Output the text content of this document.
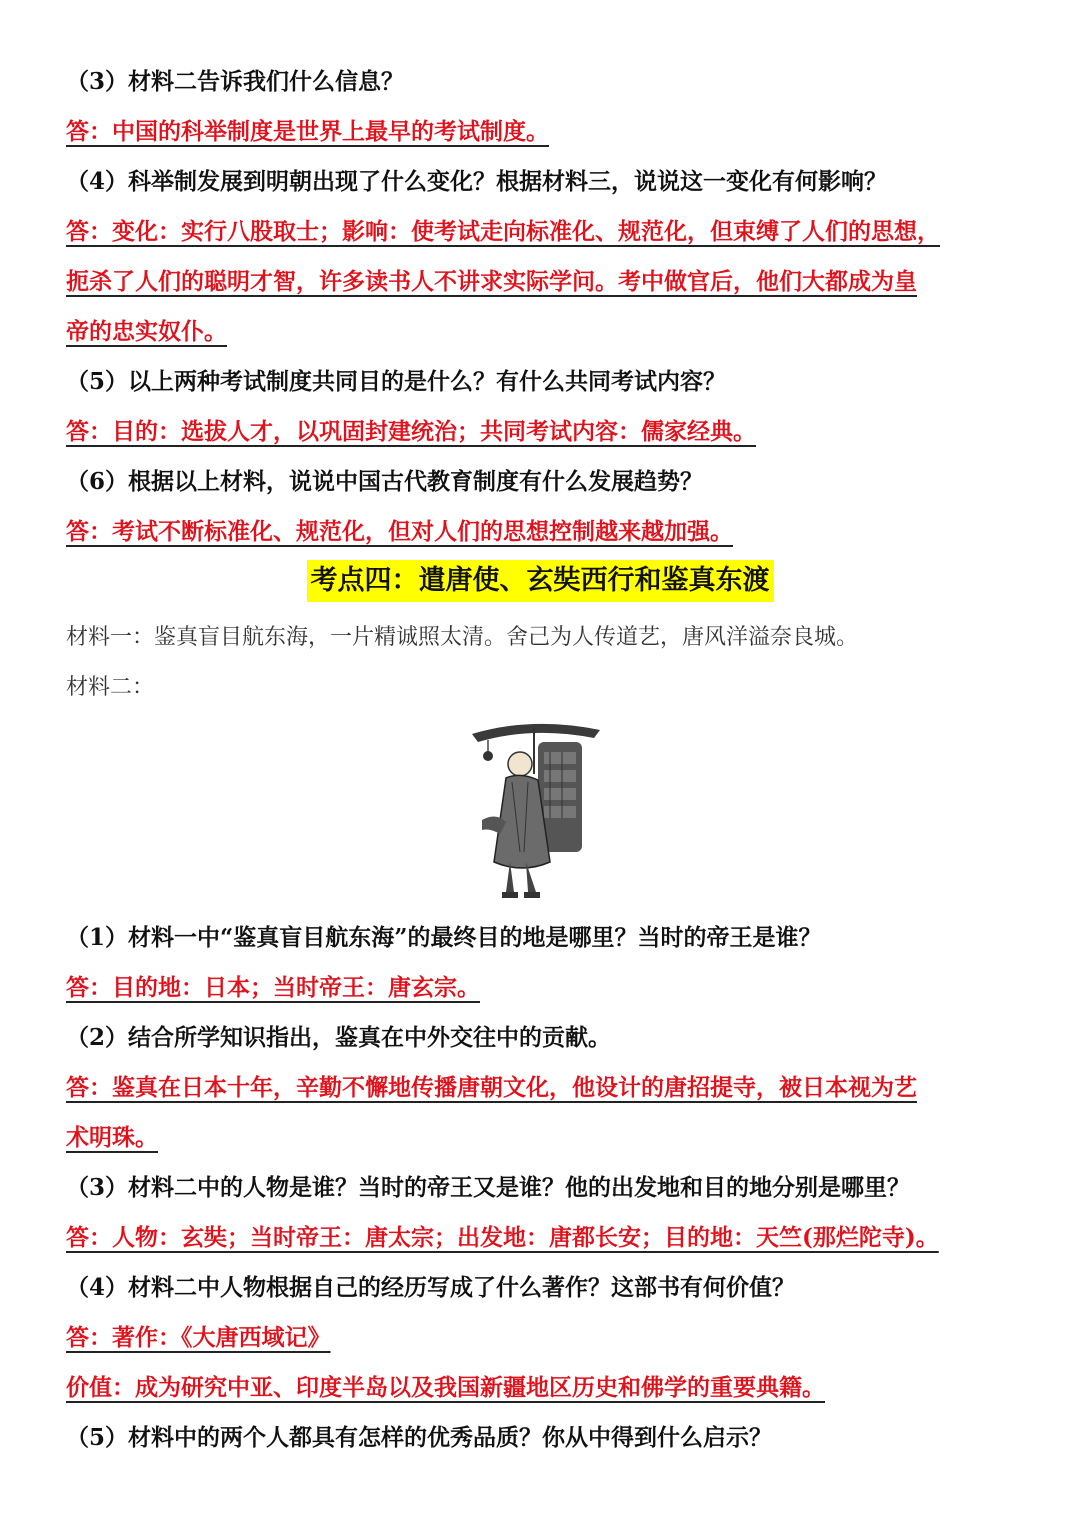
（3）材料二告诉我们什么信息？
答：中国的科举制度是世界上最早的考试制度。
（4）科举制发展到明朝出现了什么变化？根据材料三，说说这一变化有何影响？
答：变化：实行八股取士；影响：使考试走向标准化、规范化，但束缚了人们的思想，
扼杀了人们的聪明才智，许多读书人不讲求实际学问。考中做官后，他们大都成为皇
帝的忠实奴仆。
（5）以上两种考试制度共同目的是什么？有什么共同考试内容？
答：目的：选拔人才，以巩固封建统治；共同考试内容：儒家经典。
（6）根据以上材料，说说中国古代教育制度有什么发展趋势？
答：考试不断标准化、规范化，但对人们的思想控制越来越加强。
考点四：遣唐使、玄奘西行和鉴真东渡
材料一：鉴真盲目航东海，一片精诚照太清。舍己为人传道艺，唐风洋溢奈良城。
材料二：
（1）材料一中“鉴真盲目航东海”的最终目的地是哪里？当时的帝王是谁？
答：目的地：日本；当时帝王：唐玄宗。
（2）结合所学知识指出，鉴真在中外交往中的贡献。
答：鉴真在日本十年，辛勤不懈地传播唐朝文化，他设计的唐招提寺，被日本视为艺
术明珠。
（3）材料二中的人物是谁？当时的帝王又是谁？他的出发地和目的地分别是哪里？
答：人物：玄奘；当时帝王：唐太宗；出发地：唐都长安；目的地：天竺(那烂陀寺)。
（4）材料二中人物根据自己的经历写成了什么著作？这部书有何价值？
答：著作：《大唐西域记》
价值：成为研究中亚、印度半岛以及我国新疆地区历史和佛学的重要典籍。
（5）材料中的两个人都具有怎样的优秀品质？你从中得到什么启示？
